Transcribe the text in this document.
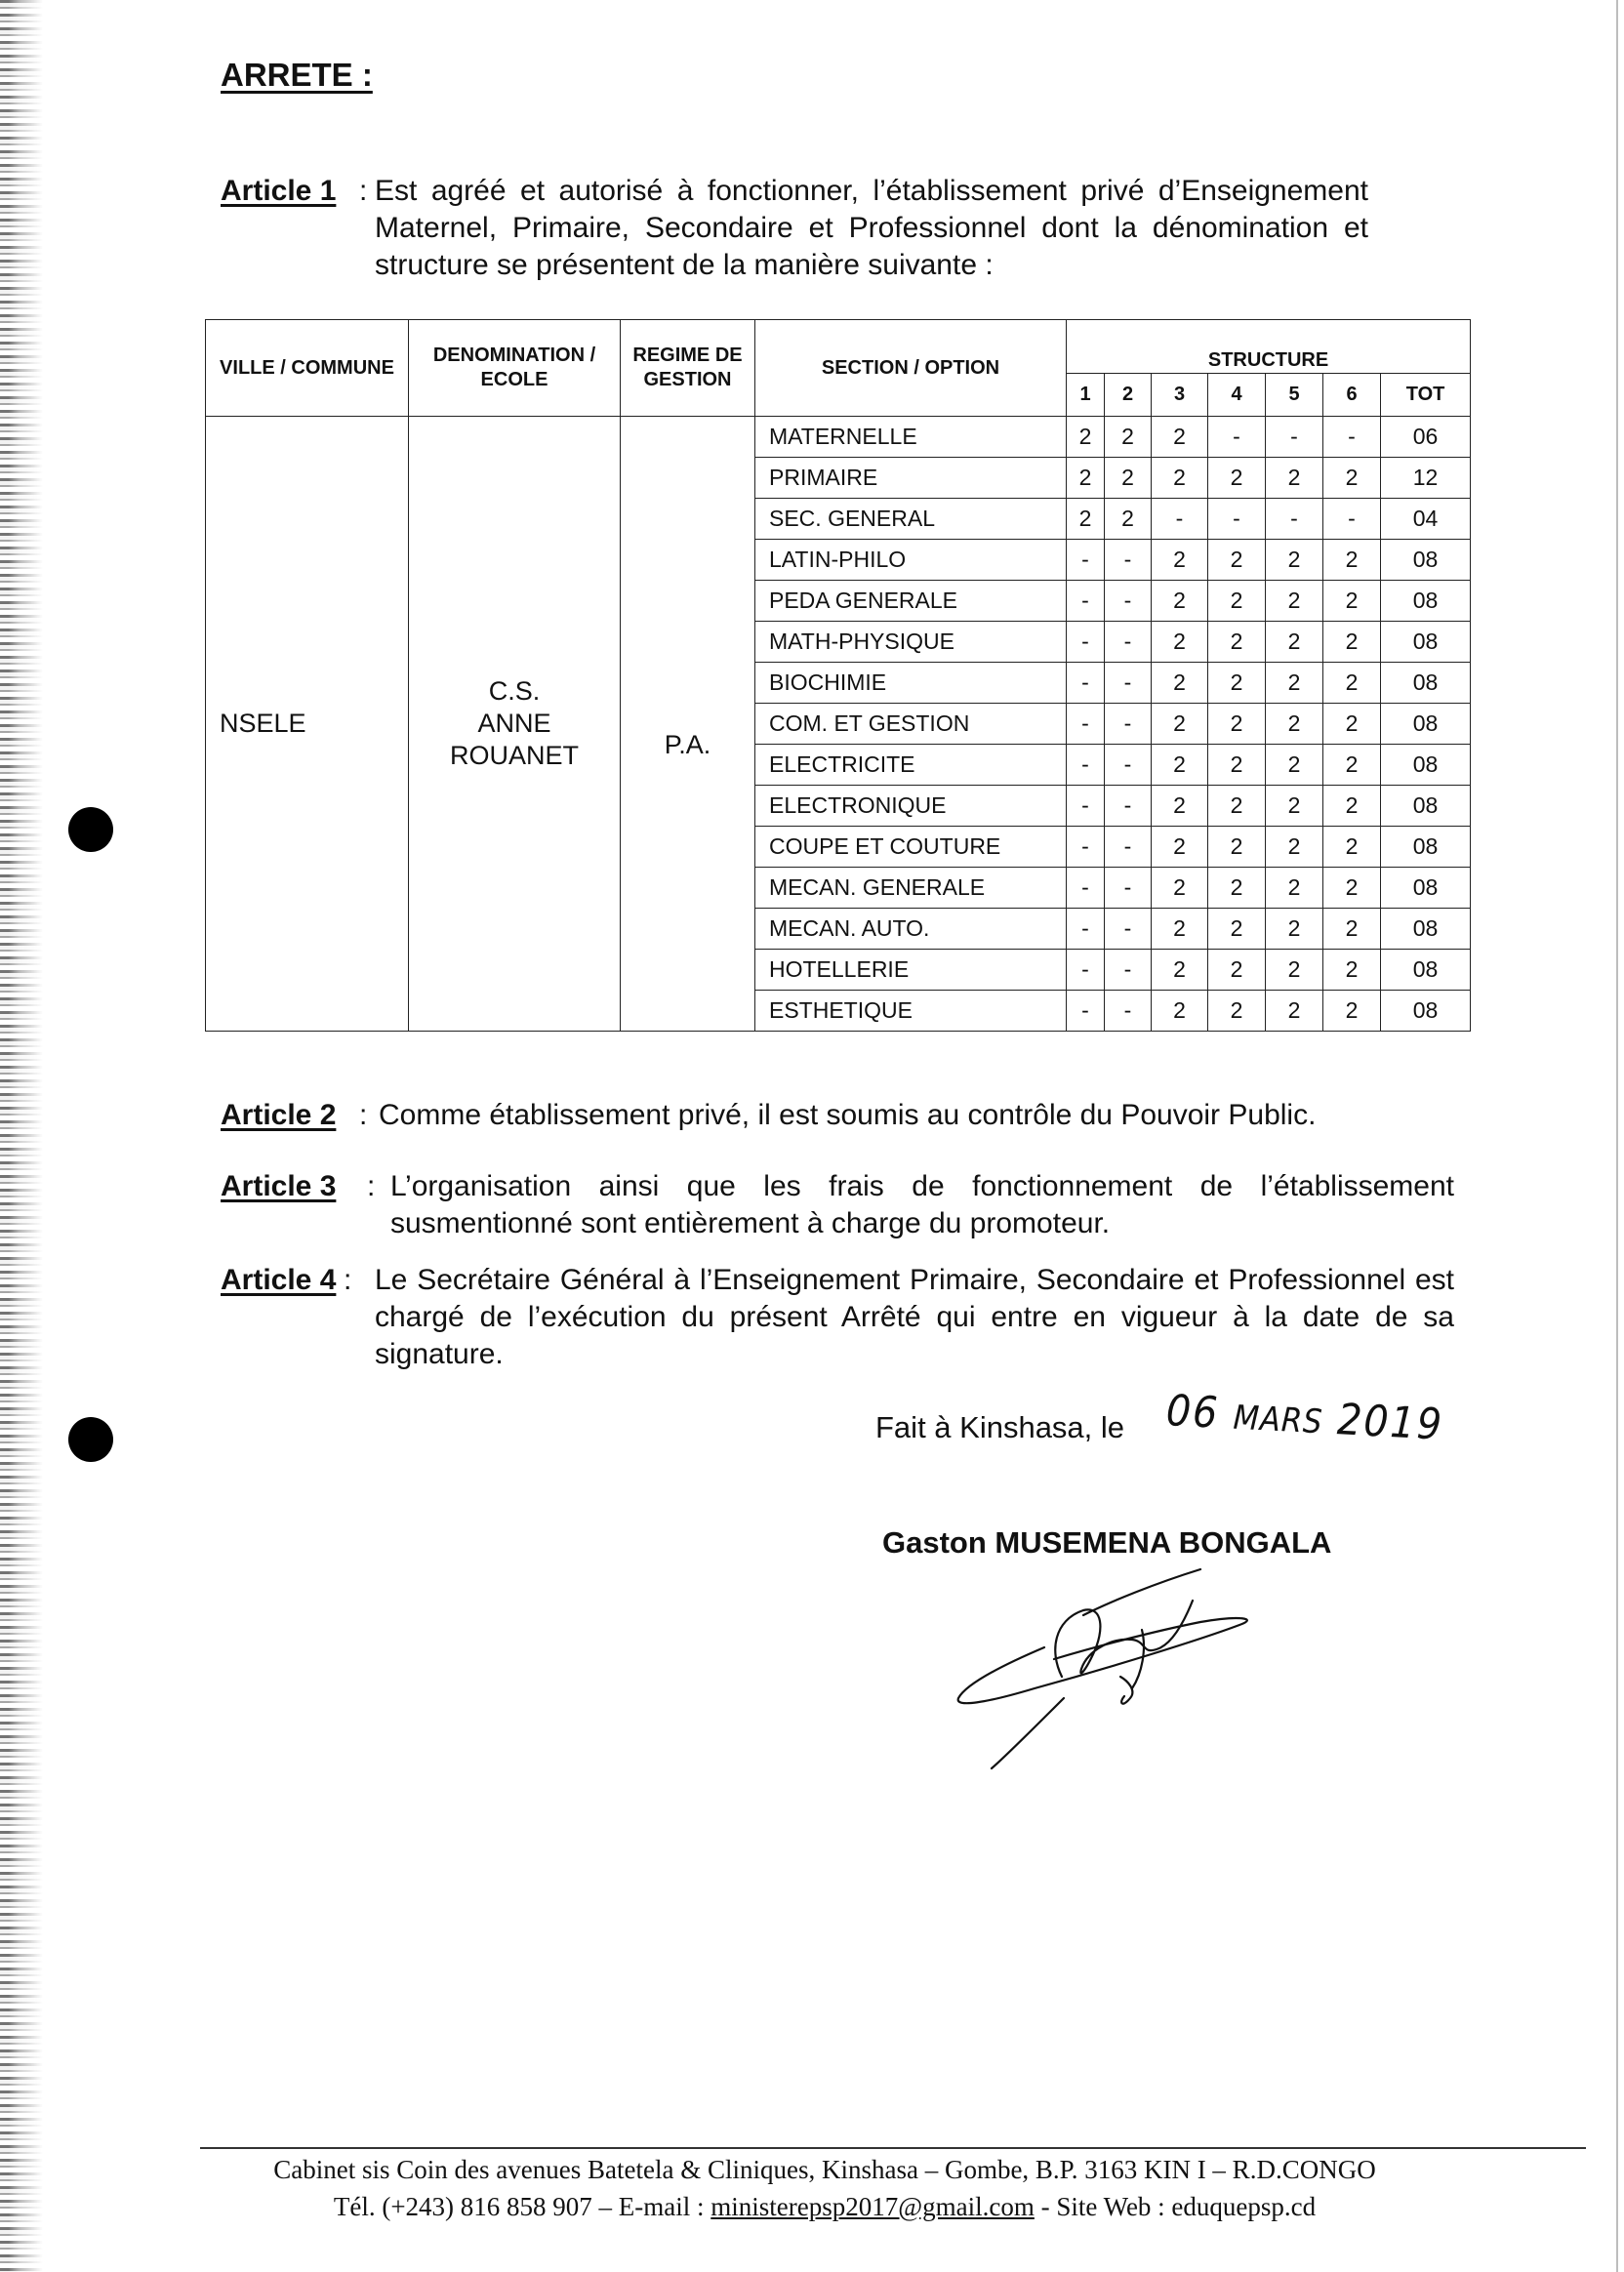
ARRETE :
Article 1 : Est agréé et autorisé à fonctionner, l’établissement privé d’Enseignement Maternel, Primaire, Secondaire et Professionnel dont la dénomination et structure se présentent de la manière suivante :
VILLE / COMMUNE	DENOMINATION / ECOLE	REGIME DE GESTION	SECTION / OPTION	STRUCTURE						
				1	2	3	4	5	6	TOT
NSELE	C.S.
ANNE
ROUANET	P.A.	MATERNELLE	2	2	2	-	-	-	06
			PRIMAIRE	2	2	2	2	2	2	12
			SEC. GENERAL	2	2	-	-	-	-	04
			LATIN-PHILO	-	-	2	2	2	2	08
			PEDA GENERALE	-	-	2	2	2	2	08
			MATH-PHYSIQUE	-	-	2	2	2	2	08
			BIOCHIMIE	-	-	2	2	2	2	08
			COM. ET GESTION	-	-	2	2	2	2	08
			ELECTRICITE	-	-	2	2	2	2	08
			ELECTRONIQUE	-	-	2	2	2	2	08
			COUPE ET COUTURE	-	-	2	2	2	2	08
			MECAN. GENERALE	-	-	2	2	2	2	08
			MECAN. AUTO.	-	-	2	2	2	2	08
			HOTELLERIE	-	-	2	2	2	2	08
			ESTHETIQUE	-	-	2	2	2	2	08
Article 2 : Comme établissement privé, il est soumis au contrôle du Pouvoir Public.
Article 3 : L’organisation ainsi que les frais de fonctionnement de l’établissement susmentionné sont entièrement à charge du promoteur.
Article 4 : Le Secrétaire Général à l’Enseignement Primaire, Secondaire et Professionnel est chargé de l’exécution du présent Arrêté qui entre en vigueur à la date de sa signature.
Fait à Kinshasa, le 06 MARS 2019
Gaston MUSEMENA BONGALA
Cabinet sis Coin des avenues Batetela & Cliniques, Kinshasa – Gombe, B.P. 3163 KIN I – R.D.CONGO
Tél. (+243) 816 858 907 – E-mail : ministerepsp2017@gmail.com - Site Web : eduquepsp.cd
